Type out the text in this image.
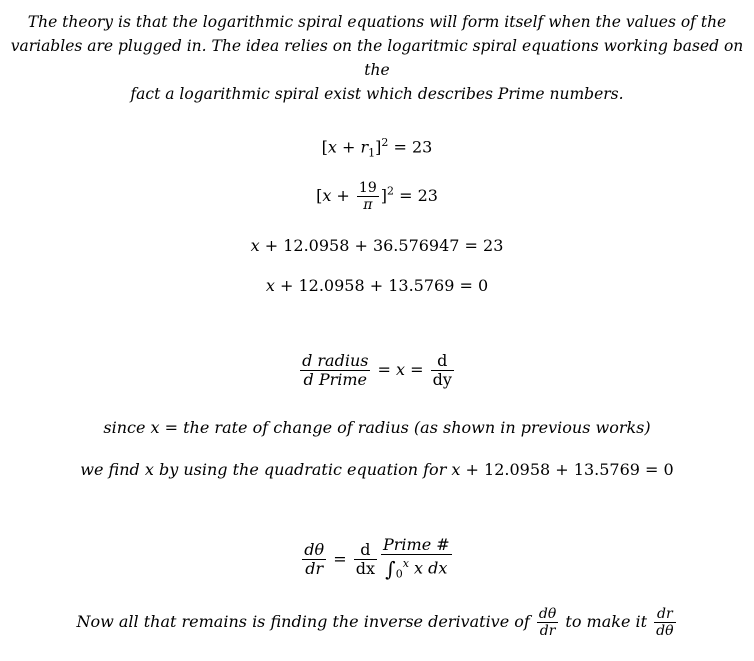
The theory is that the logarithmic spiral equations will form itself when the values of the
variables are plugged in. The idea relies on the logaritmic spiral equations working based on the
fact a logarithmic spiral exist which describes Prime numbers.
$[x + r_1]^2 = 23$
$[x + \frac{19}{\pi} ]^2 = 23$
x + 12.0958 + 36.576947 = 23
x + 12.0958 + 13.5769 = 0
$\frac{\text{d radius}}{\text{d Prime}} = x = \frac{d}{dy}$
since x = the rate of change of radius (as shown in previous works)
we find x by using the quadratic equation for x + 12.0958 + 13.5769 = 0
$\frac{d\theta}{dr} = \frac{d}{dx} \frac{\text{Prime \#}}{\int_0^x x dx}$
Now all that remains is finding the inverse derivative of $\frac{d\theta}{dr}$ to make it $\frac{dr}{d\theta}$
